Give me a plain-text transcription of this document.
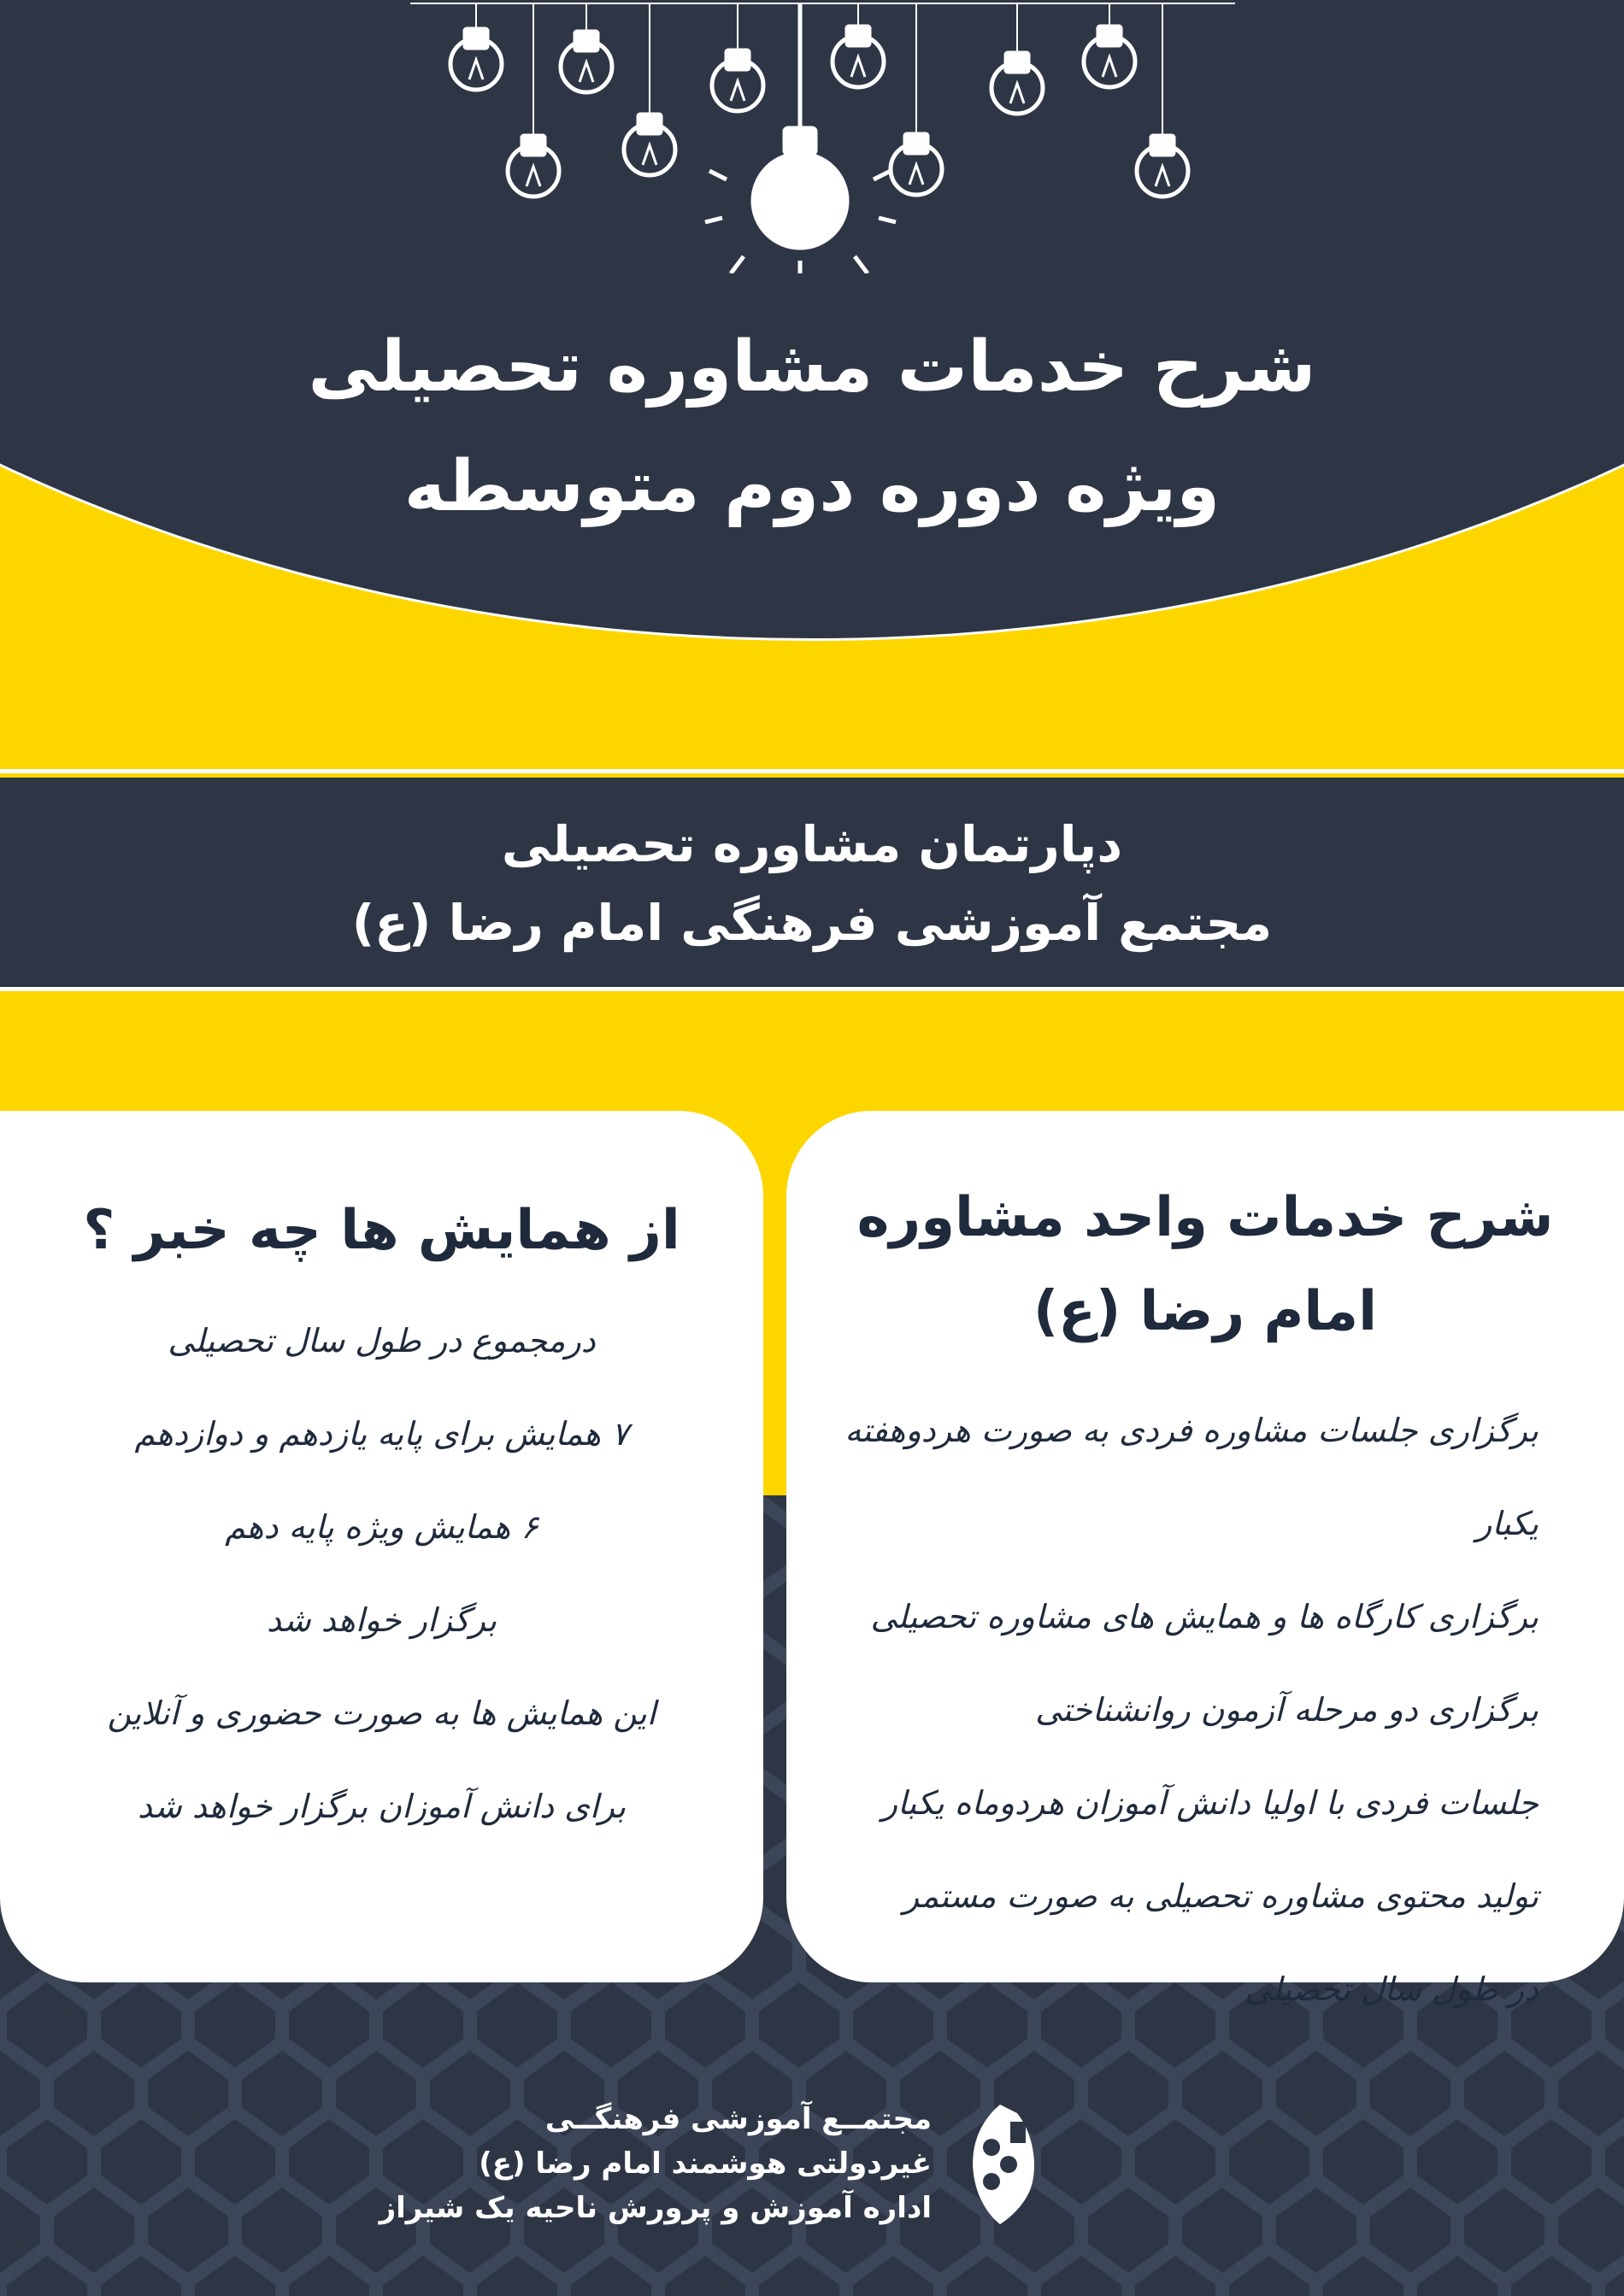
شرح خدمات مشاوره تحصیلی
ویژه دوره دوم متوسطه
دپارتمان مشاوره تحصیلی
مجتمع آموزشی فرهنگی امام رضا (ع)
شرح خدمات واحد مشاوره
امام رضا (ع)
برگزاری جلسات مشاوره فردی به صورت هردوهفته یکبار
برگزاری کارگاه ها و همایش های مشاوره تحصیلی
برگزاری دو مرحله آزمون روانشناختی
جلسات فردی با اولیا دانش آموزان هردوماه یکبار
تولید محتوی مشاوره تحصیلی به صورت مستمر
در طول سال تحصیلی
از همایش ها چه خبر ؟
درمجموع در طول سال تحصیلی
۷ همایش برای پایه یازدهم و دوازدهم
۶ همایش ویژه پایه دهم
برگزار خواهد شد
این همایش ها به صورت حضوری و آنلاین
برای دانش آموزان برگزار خواهد شد
مجتمــع آموزشی فرهنگــی
غیردولتی هوشمند امام رضا (ع)
اداره آموزش و پرورش ناحیه یک شیراز
